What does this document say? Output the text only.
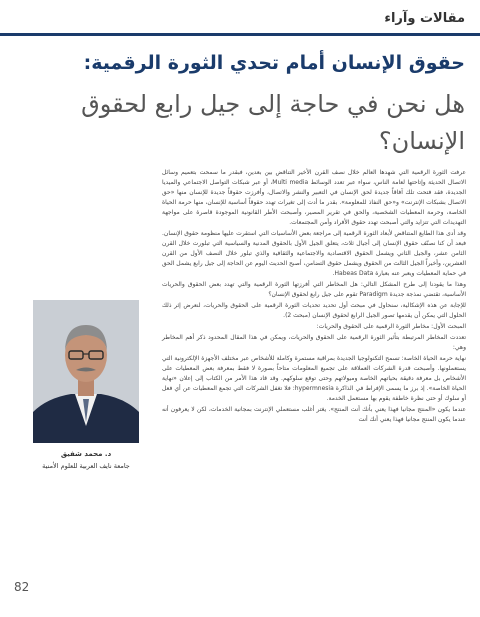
مقالات وآراء
حقوق الإنسان أمام تحدي الثورة الرقمية:
هل نحن في حاجة إلى جيل رابع لحقوق الإنسان؟

عرفت الثورة الرقمية التي شهدها العالم خلال نصف القرن الأخير التناقض بين بعدين، فبقدر ما سمحت بتعميم وسائل الاتصال الحديثة وإتاحتها لعامة الناس، سواء عبر تعدد الوسائط Multi media، أو عبر شبكات التواصل الاجتماعي والميديا الجديدة، فقد فتحت تلك آفاقاً جديدة لحق الإنسان في التعبير والنشر والاتصال، وأفرزت حقوقاً جديدة للإنسان منها «حق الاتصال بشبكات الإنترنت» و«حق النفاذ للمعلومة». بقدر ما أدت إلى تغيرات تهدد حقوقاً أساسية للإنسان، منها حرمة الحياة الخاصة، وحرمة المعطيات الشخصية، والحق في تقرير المصير، وأصبحت الأطر القانونية الموجودة قاصرة على مواجهة التهديدات التي تتزايد والتي أصبحت تهدد حقوق الأفراد وأمن المجتمعات.

وقد أدى هذا الطابع المتناقض لأبعاد الثورة الرقمية إلى مراجعة بعض الأساسيات التي استقرت عليها منظومة حقوق الإنسان. فبعد أن كنا نصنّف حقوق الإنسان إلى أجيال ثلاث، يتعلق الجيل الأول بالحقوق المدنية والسياسية التي تبلورت خلال القرن الثامن عشر، والجيل الثاني ويشمل الحقوق الاقتصادية والاجتماعية والثقافية والذي تبلور خلال النصف الأول من القرن العشرين، وأخيراً الجيل الثالث من الحقوق ويشمل حقوق التضامن، أصبح الحديث اليوم عن الحاجة إلى جيل رابع يشمل الحق في حماية المعطيات ويعبر عنه بعبارة Habeas Data.

وهذا ما يقودنا إلى طرح المشكل التالي: هل المخاطر التي أفرزتها الثورة الرقمية والتي تهدد بعض الحقوق والحريات الأساسية، تقتضي نمذجة جديدة Paradigm تقوم على جيل رابع لحقوق الإنسان؟

للإجابة عن هذه الإشكالية، سنحاول في مبحث أول تحديد تحديات الثورة الرقمية على الحقوق والحريات، لنعرض إثر ذلك الحلول التي يمكن أن يقدمها تصور الجيل الرابع لحقوق الإنسان (مبحث 2).

المبحث الأول: مخاطر الثورة الرقمية على الحقوق والحريات:

تعددت المخاطر المرتبطة بتأثير الثورة الرقمية على الحقوق والحريات، ويمكن في هذا المقال المحدود ذكر أهم المخاطر وهي:

نهاية حرمة الحياة الخاصة: تسمح التكنولوجيا الجديدة بمراقبة مستمرة وكاملة للأشخاص عبر مختلف الأجهزة الإلكترونية التي يستعملونها. وأصبحت قدرة الشركات العملاقة على تجميع المعلومات متاحاً بصورة لا فقط بمعرفة بعض المعطيات على الأشخاص بل معرفة دقيقة بحياتهم الخاصة وميولاتهم وحتى توقع سلوكهم. وقد قاد هذا الأمر من الكتاب إلى إعلان «نهاية الحياة الخاصة». إذ برز ما يسمى الإفراط في الذاكرة hypermnesia: فلا تغفل الشركات التي تجمع المعطيات عن أي فعل أو سلوك أو حتى نظرة خاطفة يقوم بها مستعمل الخدمة.

عندما يكون «المنتج مجانيا فهذا يعني بأنك أنت المنتج». يغتر أغلب مستعملي الإنترنت بمجانية الخدمات، لكن لا يعرفون أنه عندما يكون المنتج مجانيا فهذا يعني أنك أنت

د. محمد شفيق
جامعة نايف العربية للعلوم الأمنية
82
